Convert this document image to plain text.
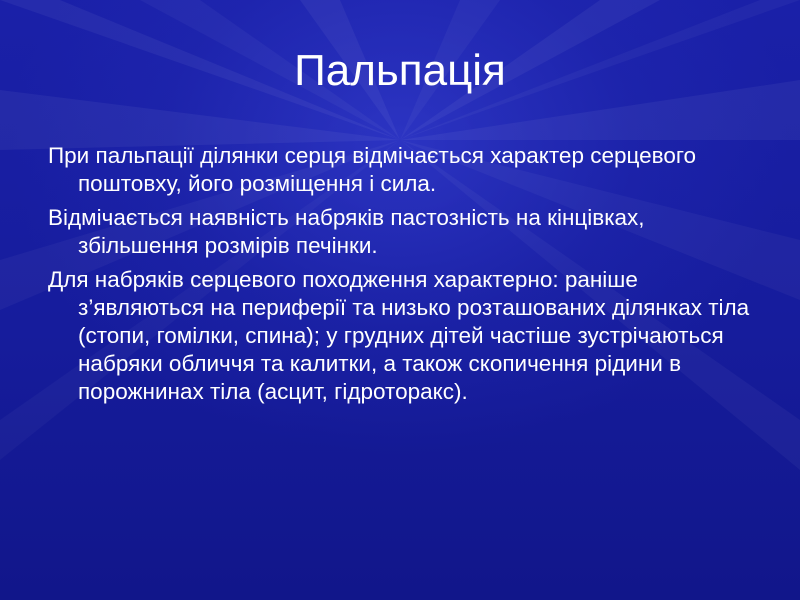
Пальпація
При пальпації ділянки серця відмічається характер серцевого поштовху, його розміщення і сила.
Відмічається наявність набряків пастозність на кінцівках, збільшення розмірів печінки.
Для набряків серцевого походження характерно: раніше з’являються на периферії та низько розташованих ділянках тіла (стопи, гомілки, спина); у грудних дітей частіше зустрічаються набряки обличчя та калитки, а також скопичення рідини в порожнинах тіла (асцит, гідроторакс).
